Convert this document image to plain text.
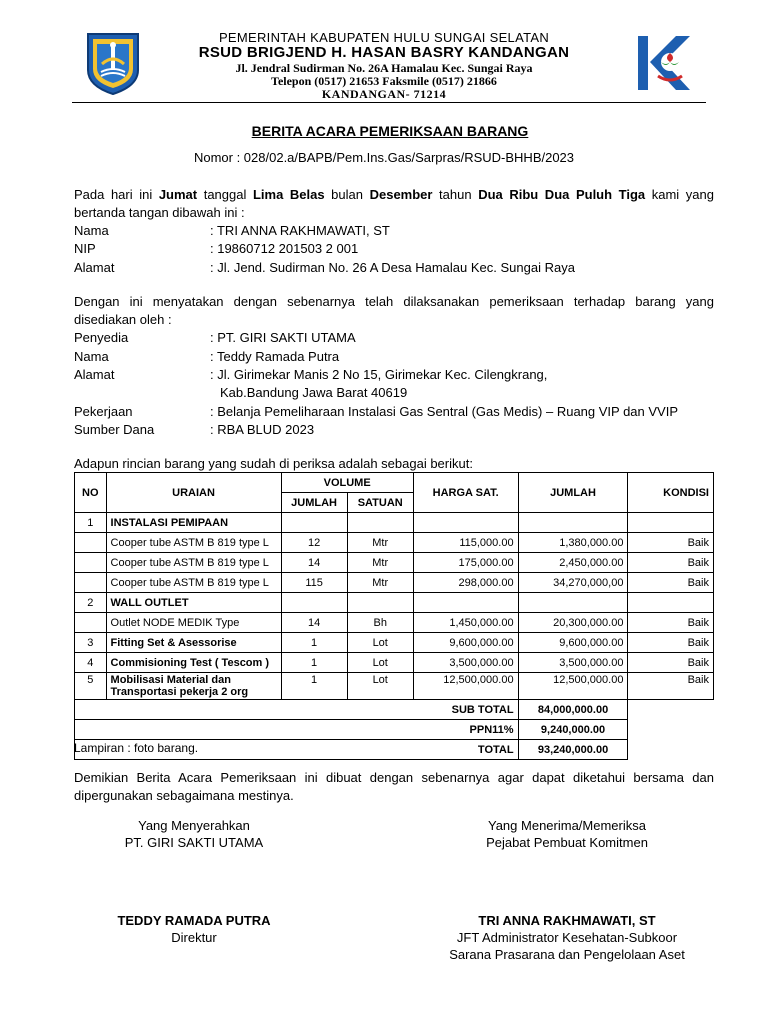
PEMERINTAH KABUPATEN HULU SUNGAI SELATAN
RSUD BRIGJEND H. HASAN BASRY KANDANGAN
Jl. Jendral Sudirman No. 26A Hamalau Kec. Sungai Raya
Telepon (0517) 21653 Faksmile (0517) 21866
KANDANGAN- 71214
BERITA ACARA PEMERIKSAAN BARANG
Nomor : 028/02.a/BAPB/Pem.Ins.Gas/Sarpras/RSUD-BHHB/2023
Pada hari ini Jumat tanggal Lima Belas bulan Desember tahun Dua Ribu Dua Puluh Tiga kami yang bertanda tangan dibawah ini :
Nama	: TRI ANNA RAKHMAWATI, ST
NIP	: 19860712 201503 2 001
Alamat	: Jl. Jend. Sudirman No. 26 A Desa Hamalau Kec. Sungai Raya
Dengan ini menyatakan dengan sebenarnya telah dilaksanakan pemeriksaan terhadap barang yang disediakan oleh :
Penyedia	: PT. GIRI SAKTI UTAMA
Nama	: Teddy Ramada Putra
Alamat	: Jl. Girimekar Manis 2 No 15, Girimekar Kec. Cilengkrang,
Kab.Bandung Jawa Barat 40619
Pekerjaan	: Belanja Pemeliharaan Instalasi Gas Sentral (Gas Medis) – Ruang VIP dan VVIP
Sumber Dana	: RBA BLUD 2023
Adapun rincian barang yang sudah di periksa adalah sebagai berikut:
NO	URAIAN	VOLUME		HARGA SAT.	JUMLAH	KONDISI
		JUMLAH	SATUAN			
1	INSTALASI PEMIPAAN					
	Cooper tube ASTM B 819 type L	12	Mtr	115,000.00	1,380,000.00	Baik
	Cooper tube ASTM B 819 type L	14	Mtr	175,000.00	2,450,000.00	Baik
	Cooper tube ASTM B 819 type L	115	Mtr	298,000.00	34,270,000,00	Baik
2	WALL OUTLET					
	Outlet NODE MEDIK Type	14	Bh	1,450,000.00	20,300,000.00	Baik
3	Fitting Set & Asessorise	1	Lot	9,600,000.00	9,600,000.00	Baik
4	Commisioning Test ( Tescom )	1	Lot	3,500,000.00	3,500,000.00	Baik
5	Mobilisasi Material dan Transportasi pekerja 2 org	1	Lot	12,500,000.00	12,500,000.00	Baik
SUB TOTAL					84,000,000.00	
PPN11%					9,240,000.00	
TOTAL					93,240,000.00	
Lampiran : foto barang.
Demikian Berita Acara Pemeriksaan ini dibuat dengan sebenarnya agar dapat diketahui bersama dan dipergunakan sebagaimana mestinya.
Yang Menyerahkan
PT. GIRI SAKTI UTAMA
TEDDY RAMADA PUTRA
Direktur
Yang Menerima/Memeriksa
Pejabat Pembuat Komitmen
TRI ANNA RAKHMAWATI, ST
JFT Administrator Kesehatan-Subkoor
Sarana Prasarana dan Pengelolaan Aset
